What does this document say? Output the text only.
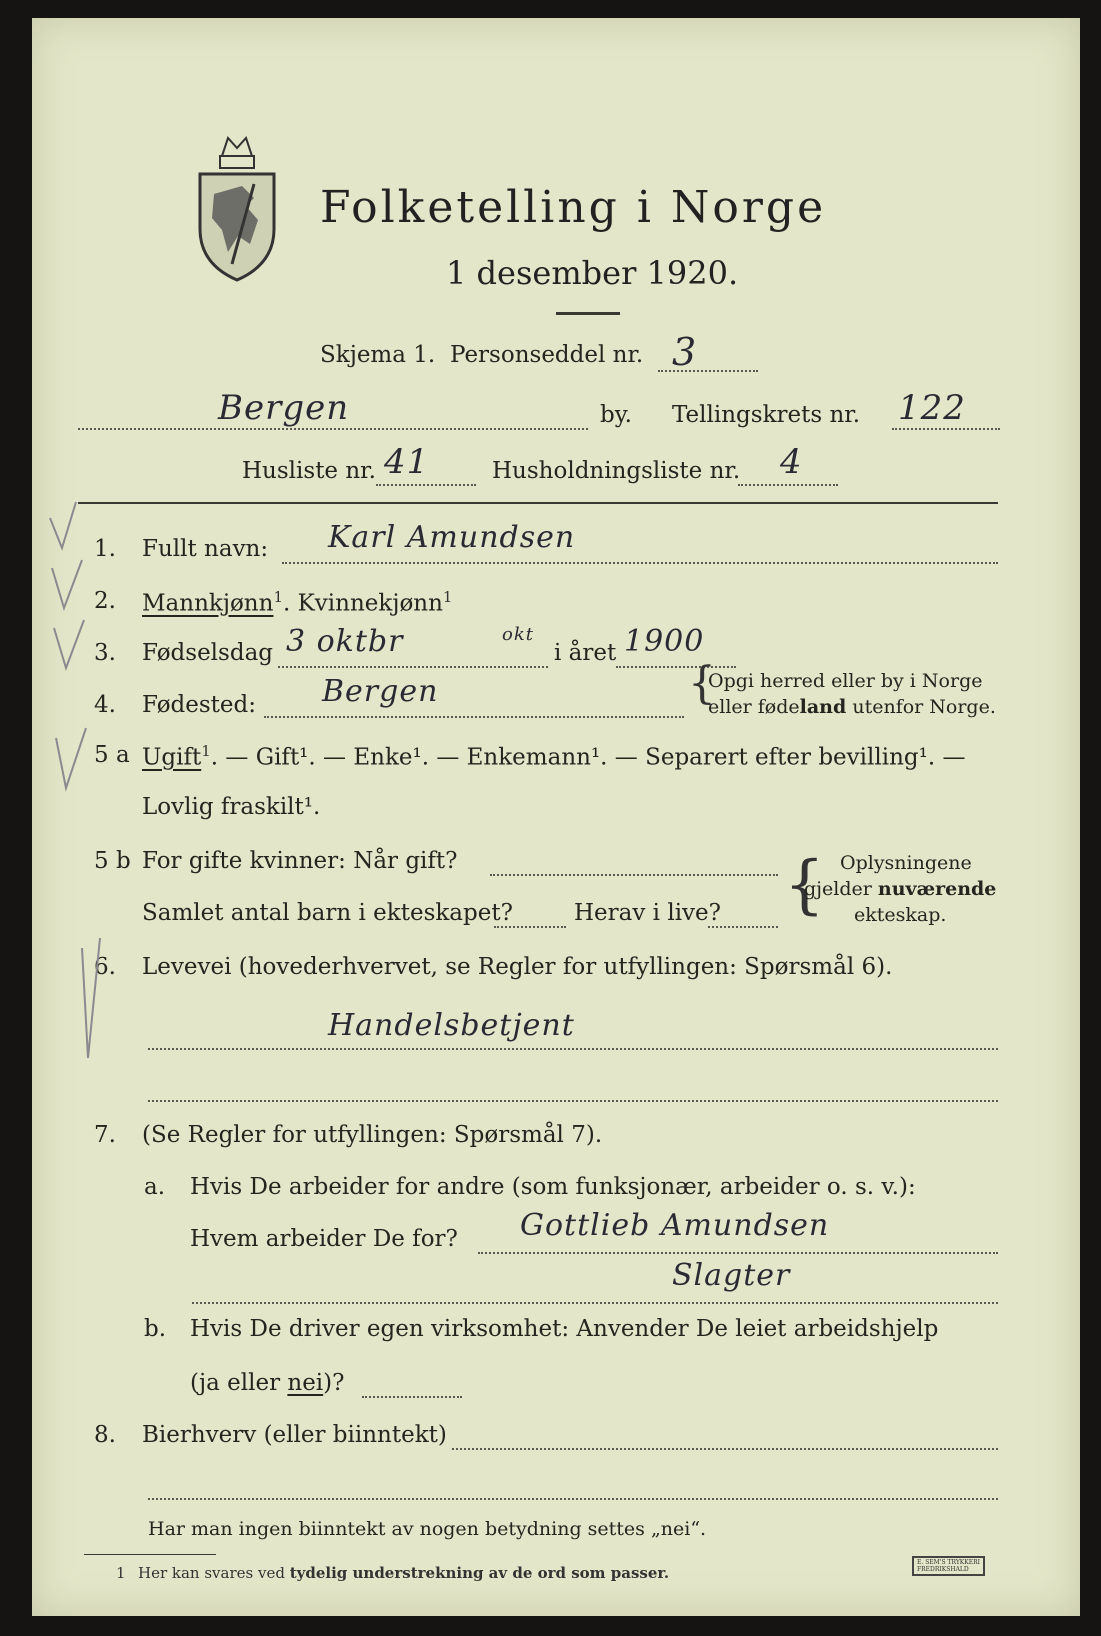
Folketelling i Norge
1 desember 1920.
Skjema 1. Personseddel nr. 3
Bergen	by. Tellingskrets nr. 122
Husliste nr. 41	Husholdningsliste nr. 4
1. Fullt navn: Karl Amundsen
2. Mannkjønn$^1$. Kvinnekjønn$^1$
3. Fødselsdag 3 oktbr	okt
i året 1900
4. Fødested: Bergen	{
Opgi herred eller by i Norge
eller fødeland utenfor Norge.
5 a Ugift$^1$. — Gift¹. — Enke¹. — Enkemann¹. — Separert efter bevilling¹. —
Lovlig fraskilt¹.
5 b For gifte kvinner: Når gift?
Samlet antal barn i ekteskapet?	Herav i live? { Oplysningene
gjelder nuværende
ekteskap.
6. Levevei (hovederhvervet, se Regler for utfyllingen: Spørsmål 6).
Handelsbetjent
7. (Se Regler for utfyllingen: Spørsmål 7).
a. Hvis De arbeider for andre (som funksjonær, arbeider o. s. v.):
Hvem arbeider De for? Gottlieb Amundsen
Slagter
b. Hvis De driver egen virksomhet: Anvender De leiet arbeidshjelp
(ja eller nei)?
8. Bierhverv (eller biinntekt)
Har man ingen biinntekt av nogen betydning settes „nei“.
1 Her kan svares ved tydelig understrekning av de ord som passer.
E. SEM'S TRYKKERI
FREDRIKSHALD
